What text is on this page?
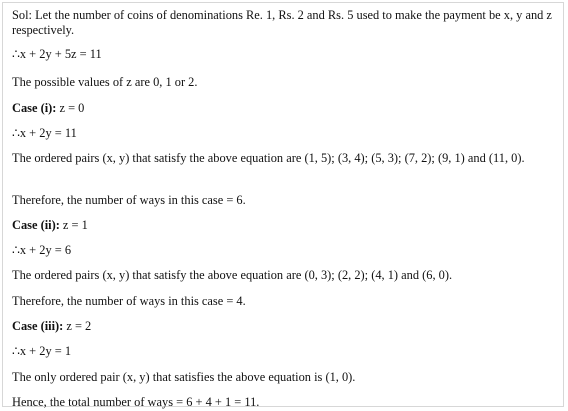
Sol: Let the number of coins of denominations Re. 1, Rs. 2 and Rs. 5 used to make the payment be x, y and z respectively.
∴x + 2y + 5z = 11
The possible values of z are 0, 1 or 2.
Case (i): z = 0
∴x + 2y = 11
The ordered pairs (x, y) that satisfy the above equation are (1, 5); (3, 4); (5, 3); (7, 2); (9, 1) and (11, 0).
Therefore, the number of ways in this case = 6.
Case (ii): z = 1
∴x + 2y = 6
The ordered pairs (x, y) that satisfy the above equation are (0, 3); (2, 2); (4, 1) and (6, 0).
Therefore, the number of ways in this case = 4.
Case (iii): z = 2
∴x + 2y = 1
The only ordered pair (x, y) that satisfies the above equation is (1, 0).
Hence, the total number of ways = 6 + 4 + 1 = 11.
